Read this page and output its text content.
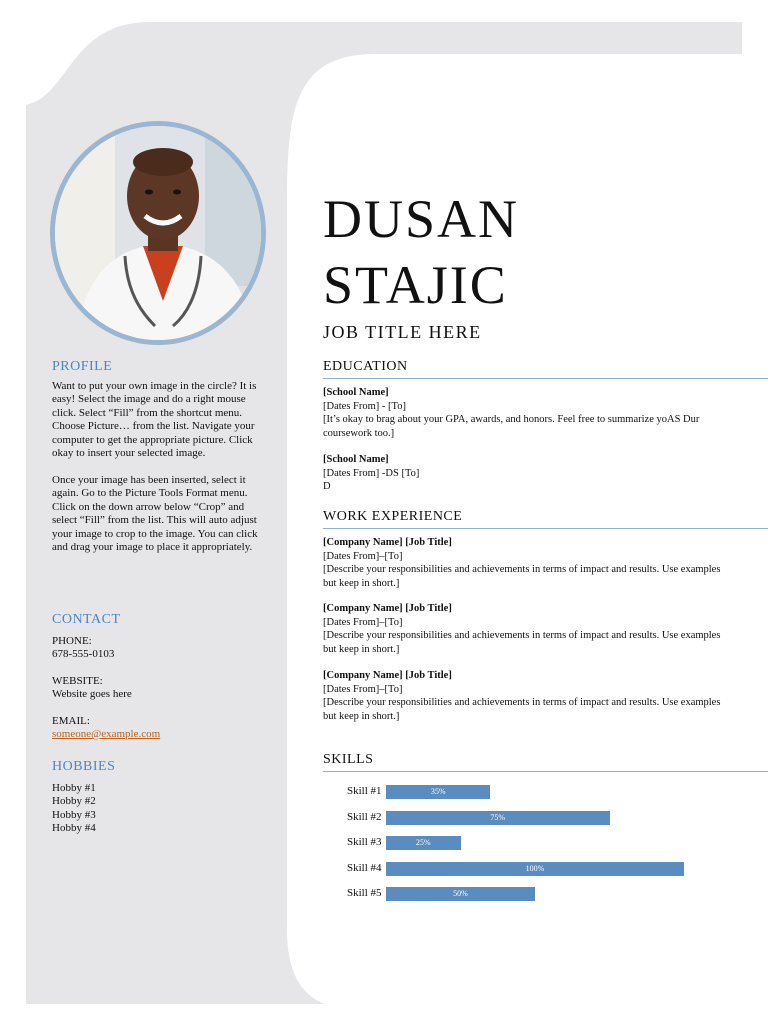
PROFILE

Want to put your own image in the circle? It is easy! Select the image and do a right mouse click. Select “Fill” from the shortcut menu. Choose Picture… from the list. Navigate your computer to get the appropriate picture. Click okay to insert your selected image.

Once your image has been inserted, select it again. Go to the Picture Tools Format menu. Click on the down arrow below “Crop” and select “Fill” from the list. This will auto adjust your image to crop to the image. You can click and drag your image to place it appropriately.

CONTACT

PHONE:

678-555-0103

WEBSITE:

Website goes here

EMAIL:

someone@example.com

HOBBIES

Hobby #1

Hobby #2

Hobby #3

Hobby #4

DUSAN
STAJIC
JOB TITLE HERE
EDUCATION
[School Name]
[Dates From] - [To]
[It’s okay to brag about your GPA, awards, and honors. Feel free to summarize yoAS Dur coursework too.]
[School Name]
[Dates From] -DS [To]
D
WORK EXPERIENCE
[Company Name] [Job Title]
[Dates From]–[To]
[Describe your responsibilities and achievements in terms of impact and results. Use examples but keep in short.]
[Company Name] [Job Title]
[Dates From]–[To]
[Describe your responsibilities and achievements in terms of impact and results. Use examples but keep in short.]
[Company Name] [Job Title]
[Dates From]–[To]
[Describe your responsibilities and achievements in terms of impact and results. Use examples but keep in short.]
SKILLS
Skill #1	35%
Skill #2	75%
Skill #3	25%
Skill #4	100%
Skill #5	50%
